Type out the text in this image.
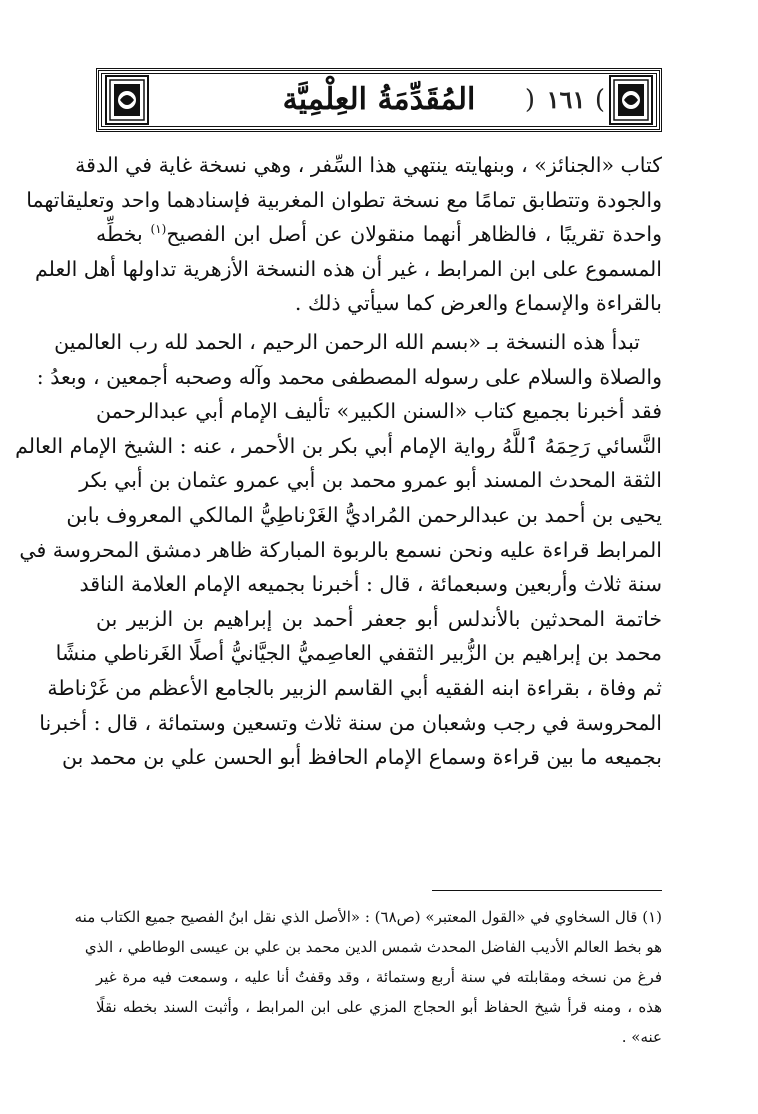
( ١٦١ )
المُقَدِّمَةُ العِلْمِيَّة

كتاب «الجنائز» ، وبنهايته ينتهي هذا السِّفر ، وهي نسخة غاية في الدقة
والجودة وتتطابق تمامًا مع نسخة تطوان المغربية فإسنادهما واحد وتعليقاتهما
واحدة تقريبًا ، فالظاهر أنهما منقولان عن أصل ابن الفصيح$^{(١)}$ بخطِّه
المسموع على ابن المرابط ، غير أن هذه النسخة الأزهرية تداولها أهل العلم
بالقراءة والإسماع والعرض كما سيأتي ذلك .

تبدأ هذه النسخة بـ «بسم الله الرحمن الرحيم ، الحمد لله رب العالمين
والصلاة والسلام على رسوله المصطفى محمد وآله وصحبه أجمعين ، وبعدُ :
فقد أخبرنا بجميع كتاب «السنن الكبير» تأليف الإمام أبي عبدالرحمن
النَّسائي رَحِمَهُ ٱللَّهُ رواية الإمام أبي بكر بن الأحمر ، عنه : الشيخ الإمام العالم
الثقة المحدث المسند أبو عمرو محمد بن أبي عمرو عثمان بن أبي بكر
يحيى بن أحمد بن عبدالرحمن المُراديُّ الغَرْناطِيُّ المالكي المعروف بابن
المرابط قراءة عليه ونحن نسمع بالربوة المباركة ظاهر دمشق المحروسة في
سنة ثلاث وأربعين وسبعمائة ، قال : أخبرنا بجميعه الإمام العلامة الناقد
خاتمة المحدثين بالأندلس أبو جعفر أحمد بن إبراهيم بن الزبير بن
محمد بن إبراهيم بن الزُّبير الثقفي العاصِميُّ الجيَّانيُّ أصلًا الغَرناطي منشًا
ثم وفاة ، بقراءة ابنه الفقيه أبي القاسم الزبير بالجامع الأعظم من غَرْناطة
المحروسة في رجب وشعبان من سنة ثلاث وتسعين وستمائة ، قال : أخبرنا
بجميعه ما بين قراءة وسماع الإمام الحافظ أبو الحسن علي بن محمد بن

(١) قال السخاوي في «القول المعتبر» (ص٦٨) : «الأصل الذي نقل ابنُ الفصيح جميع الكتاب منه
هو بخط العالم الأديب الفاضل المحدث شمس الدين محمد بن علي بن عيسى الوطاطي ، الذي
فرغ من نسخه ومقابلته في سنة أربع وستمائة ، وقد وقفتُ أنا عليه ، وسمعت فيه مرة غير
هذه ، ومنه قرأ شيخ الحفاظ أبو الحجاج المزي على ابن المرابط ، وأثبت السند بخطه نقلًا
عنه» .
